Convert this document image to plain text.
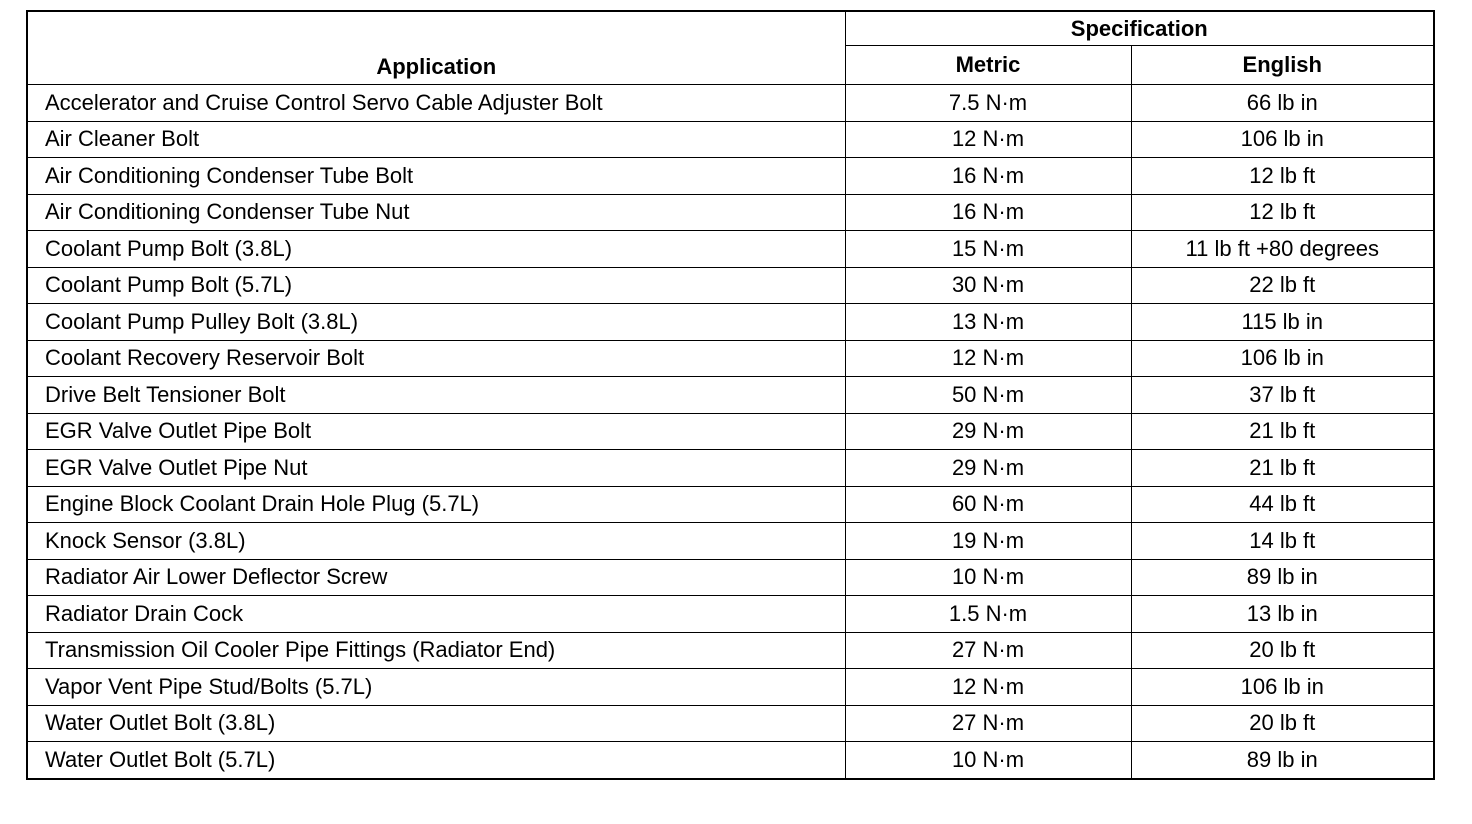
Application	Specification	
	Metric	English
Accelerator and Cruise Control Servo Cable Adjuster Bolt	7.5 N·m	66 lb in
Air Cleaner Bolt	12 N·m	106 lb in
Air Conditioning Condenser Tube Bolt	16 N·m	12 lb ft
Air Conditioning Condenser Tube Nut	16 N·m	12 lb ft
Coolant Pump Bolt (3.8L)	15 N·m	11 lb ft +80 degrees
Coolant Pump Bolt (5.7L)	30 N·m	22 lb ft
Coolant Pump Pulley Bolt (3.8L)	13 N·m	115 lb in
Coolant Recovery Reservoir Bolt	12 N·m	106 lb in
Drive Belt Tensioner Bolt	50 N·m	37 lb ft
EGR Valve Outlet Pipe Bolt	29 N·m	21 lb ft
EGR Valve Outlet Pipe Nut	29 N·m	21 lb ft
Engine Block Coolant Drain Hole Plug (5.7L)	60 N·m	44 lb ft
Knock Sensor (3.8L)	19 N·m	14 lb ft
Radiator Air Lower Deflector Screw	10 N·m	89 lb in
Radiator Drain Cock	1.5 N·m	13 lb in
Transmission Oil Cooler Pipe Fittings (Radiator End)	27 N·m	20 lb ft
Vapor Vent Pipe Stud/Bolts (5.7L)	12 N·m	106 lb in
Water Outlet Bolt (3.8L)	27 N·m	20 lb ft
Water Outlet Bolt (5.7L)	10 N·m	89 lb in
